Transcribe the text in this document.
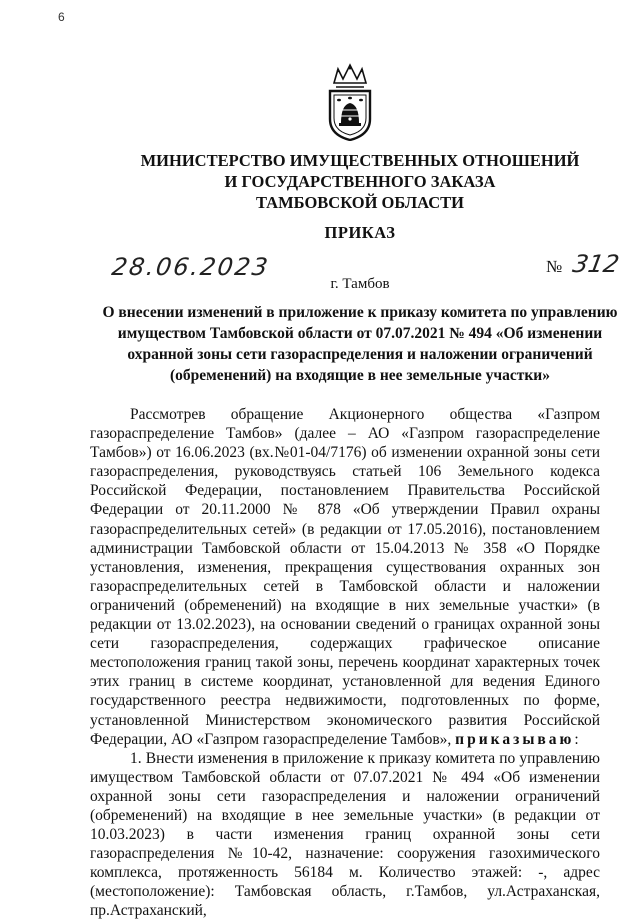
6
МИНИСТЕРСТВО ИМУЩЕСТВЕННЫХ ОТНОШЕНИЙ
И ГОСУДАРСТВЕННОГО ЗАКАЗА
ТАМБОВСКОЙ ОБЛАСТИ
ПРИКАЗ
28.06.2023	№ 312
г. Тамбов
О внесении изменений в приложение к приказу комитета по управлению
имуществом Тамбовской области от 07.07.2021 № 494 «Об изменении
охранной зоны сети газораспределения и наложении ограничений
(обременений) на входящие в нее земельные участки»

Рассмотрев обращение Акционерного общества «Газпром газораспределение Тамбов» (далее – АО «Газпром газораспределение Тамбов») от 16.06.2023 (вх.№01-04/7176) об изменении охранной зоны сети газораспределения, руководствуясь статьей 106 Земельного кодекса Российской Федерации, постановлением Правительства Российской Федерации от 20.11.2000 № 878 «Об утверждении Правил охраны газораспределительных сетей» (в редакции от 17.05.2016), постановлением администрации Тамбовской области от 15.04.2013 № 358 «О Порядке установления, изменения, прекращения существования охранных зон газораспределительных сетей в Тамбовской области и наложении ограничений (обременений) на входящие в них земельные участки» (в редакции от 13.02.2023), на основании сведений о границах охранной зоны сети газораспределения, содержащих графическое описание местоположения границ такой зоны, перечень координат характерных точек этих границ в системе координат, установленной для ведения Единого государственного реестра недвижимости, подготовленных по форме, установленной Министерством экономического развития Российской Федерации, АО «Газпром газораспределение Тамбов», приказываю:

1. Внести изменения в приложение к приказу комитета по управлению имуществом Тамбовской области от 07.07.2021 № 494 «Об изменении охранной зоны сети газораспределения и наложении ограничений (обременений) на входящие в нее земельные участки» (в редакции от 10.03.2023) в части изменения границ охранной зоны сети газораспределения №10-42, назначение: сооружения газохимического комплекса, протяженность 56184 м. Количество этажей: -, адрес (местоположение): Тамбовская область, г.Тамбов, ул.Астраханская, пр.Астраханский,
